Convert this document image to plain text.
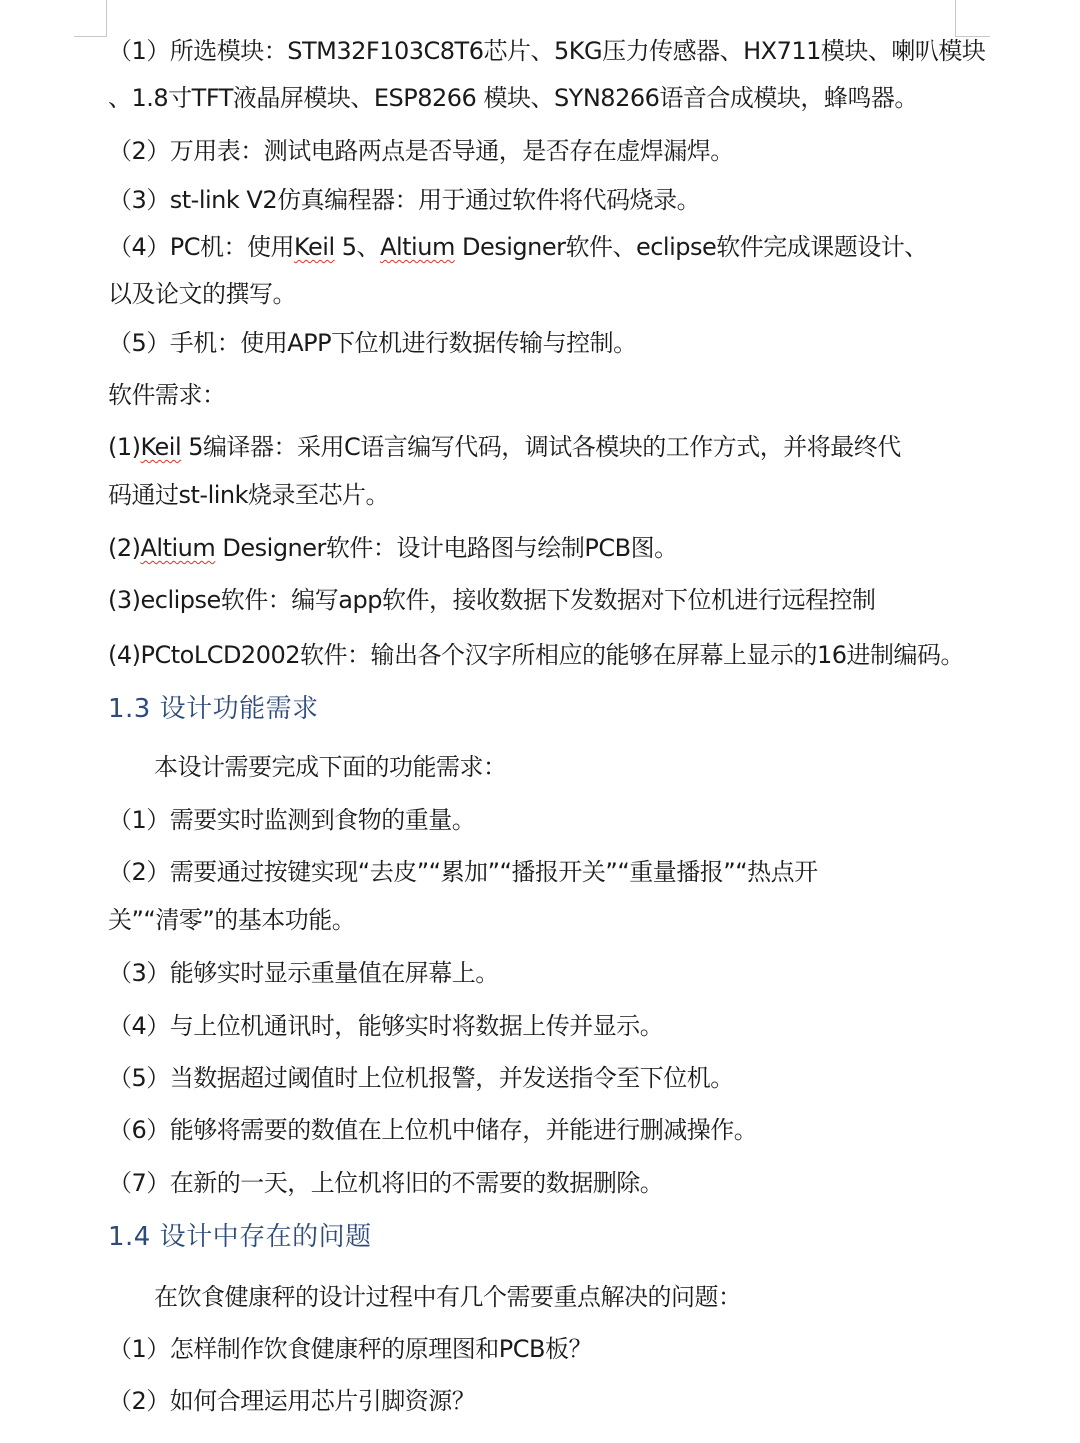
（1）所选模块：STM32F103C8T6芯片、5KG压力传感器、HX711模块、喇叭模块
、1.8寸TFT液晶屏模块、ESP8266 模块、SYN8266语音合成模块，蜂鸣器。
（2）万用表：测试电路两点是否导通，是否存在虚焊漏焊。
（3）st-link V2仿真编程器：用于通过软件将代码烧录。
（4）PC机：使用Keil 5、Altium Designer软件、eclipse软件完成课题设计、
以及论文的撰写。
（5）手机：使用APP下位机进行数据传输与控制。
软件需求：
(1)Keil 5编译器：采用C语言编写代码，调试各模块的工作方式，并将最终代
码通过st-link烧录至芯片。
(2)Altium Designer软件：设计电路图与绘制PCB图。
(3)eclipse软件：编写app软件，接收数据下发数据对下位机进行远程控制
(4)PCtoLCD2002软件：输出各个汉字所相应的能够在屏幕上显示的16进制编码。
1.3 设计功能需求
本设计需要完成下面的功能需求：
（1）需要实时监测到食物的重量。
（2）需要通过按键实现“去皮”“累加”“播报开关”“重量播报”“热点开
关”“清零”的基本功能。
（3）能够实时显示重量值在屏幕上。
（4）与上位机通讯时，能够实时将数据上传并显示。
（5）当数据超过阈值时上位机报警，并发送指令至下位机。
（6）能够将需要的数值在上位机中储存，并能进行删减操作。
（7）在新的一天，上位机将旧的不需要的数据删除。
1.4 设计中存在的问题
在饮食健康秤的设计过程中有几个需要重点解决的问题：
（1）怎样制作饮食健康秤的原理图和PCB板？
（2）如何合理运用芯片引脚资源？
